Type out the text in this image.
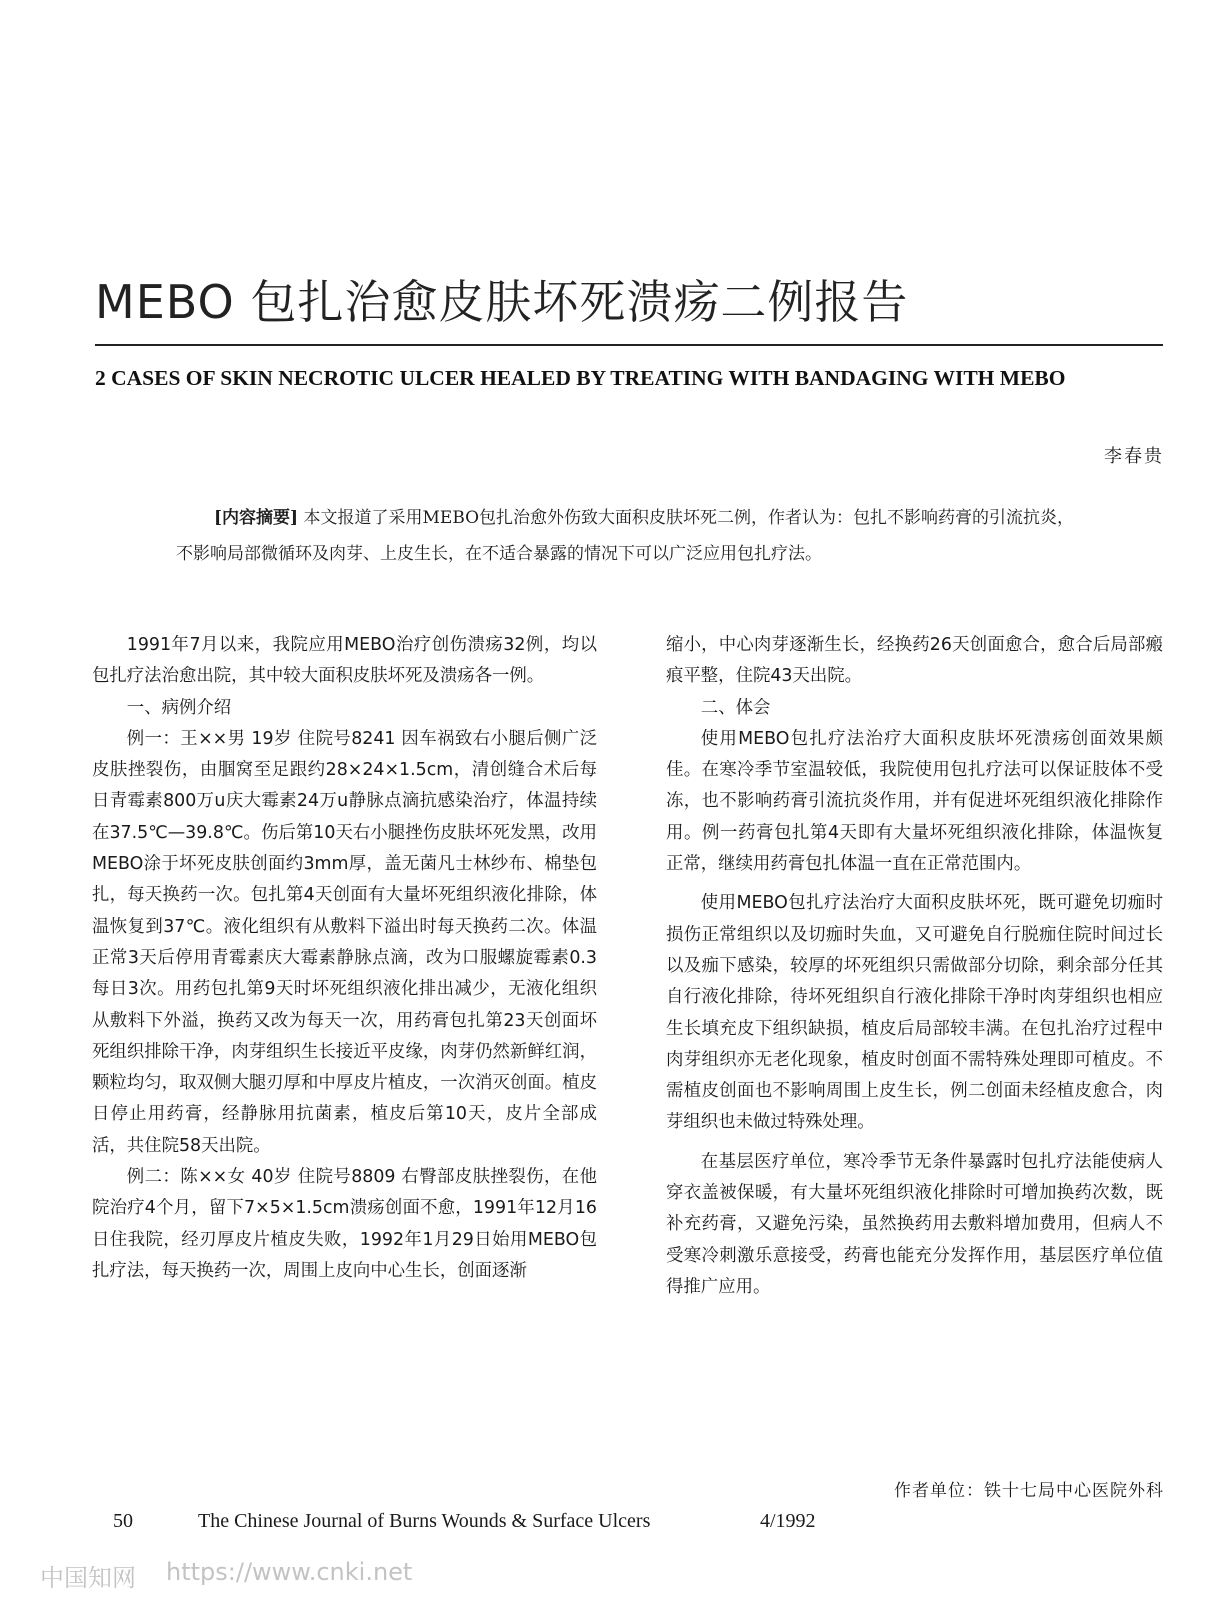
MEBO 包扎治愈皮肤坏死溃疡二例报告
2 CASES OF SKIN NECROTIC ULCER HEALED BY TREATING WITH BANDAGING WITH MEBO
李春贵
[内容摘要] 本文报道了采用MEBO包扎治愈外伤致大面积皮肤坏死二例，作者认为：包扎不影响药膏的引流抗炎，不影响局部微循环及肉芽、上皮生长，在不适合暴露的情况下可以广泛应用包扎疗法。

1991年7月以来，我院应用MEBO治疗创伤溃疡32例，均以包扎疗法治愈出院，其中较大面积皮肤坏死及溃疡各一例。

一、病例介绍

例一：王××男 19岁 住院号8241 因车祸致右小腿后侧广泛皮肤挫裂伤，由腘窝至足跟约28×24×1.5cm，清创缝合术后每日青霉素800万u庆大霉素24万u静脉点滴抗感染治疗，体温持续在37.5℃—39.8℃。伤后第10天右小腿挫伤皮肤坏死发黑，改用MEBO涂于坏死皮肤创面约3mm厚，盖无菌凡士林纱布、棉垫包扎，每天换药一次。包扎第4天创面有大量坏死组织液化排除，体温恢复到37℃。液化组织有从敷料下溢出时每天换药二次。体温正常3天后停用青霉素庆大霉素静脉点滴，改为口服螺旋霉素0.3每日3次。用药包扎第9天时坏死组织液化排出减少，无液化组织从敷料下外溢，换药又改为每天一次，用药膏包扎第23天创面坏死组织排除干净，肉芽组织生长接近平皮缘，肉芽仍然新鲜红润，颗粒均匀，取双侧大腿刃厚和中厚皮片植皮，一次消灭创面。植皮日停止用药膏，经静脉用抗菌素，植皮后第10天，皮片全部成活，共住院58天出院。

例二：陈××女 40岁 住院号8809 右臀部皮肤挫裂伤，在他院治疗4个月，留下7×5×1.5cm溃疡创面不愈，1991年12月16日住我院，经刃厚皮片植皮失败，1992年1月29日始用MEBO包扎疗法，每天换药一次，周围上皮向中心生长，创面逐渐

缩小，中心肉芽逐渐生长，经换药26天创面愈合，愈合后局部瘢痕平整，住院43天出院。

二、体会

使用MEBO包扎疗法治疗大面积皮肤坏死溃疡创面效果颇佳。在寒冷季节室温较低，我院使用包扎疗法可以保证肢体不受冻，也不影响药膏引流抗炎作用，并有促进坏死组织液化排除作用。例一药膏包扎第4天即有大量坏死组织液化排除，体温恢复正常，继续用药膏包扎体温一直在正常范围内。

使用MEBO包扎疗法治疗大面积皮肤坏死，既可避免切痂时损伤正常组织以及切痂时失血，又可避免自行脱痂住院时间过长以及痂下感染，较厚的坏死组织只需做部分切除，剩余部分任其自行液化排除，待坏死组织自行液化排除干净时肉芽组织也相应生长填充皮下组织缺损，植皮后局部较丰满。在包扎治疗过程中肉芽组织亦无老化现象，植皮时创面不需特殊处理即可植皮。不需植皮创面也不影响周围上皮生长，例二创面未经植皮愈合，肉芽组织也未做过特殊处理。

在基层医疗单位，寒冷季节无条件暴露时包扎疗法能使病人穿衣盖被保暖，有大量坏死组织液化排除时可增加换药次数，既补充药膏，又避免污染，虽然换药用去敷料增加费用，但病人不受寒冷刺激乐意接受，药膏也能充分发挥作用，基层医疗单位值得推广应用。

作者单位：铁十七局中心医院外科
50	The Chinese Journal of Burns Wounds & Surface Ulcers	4/1992
中国知网 https://www.cnki.net
